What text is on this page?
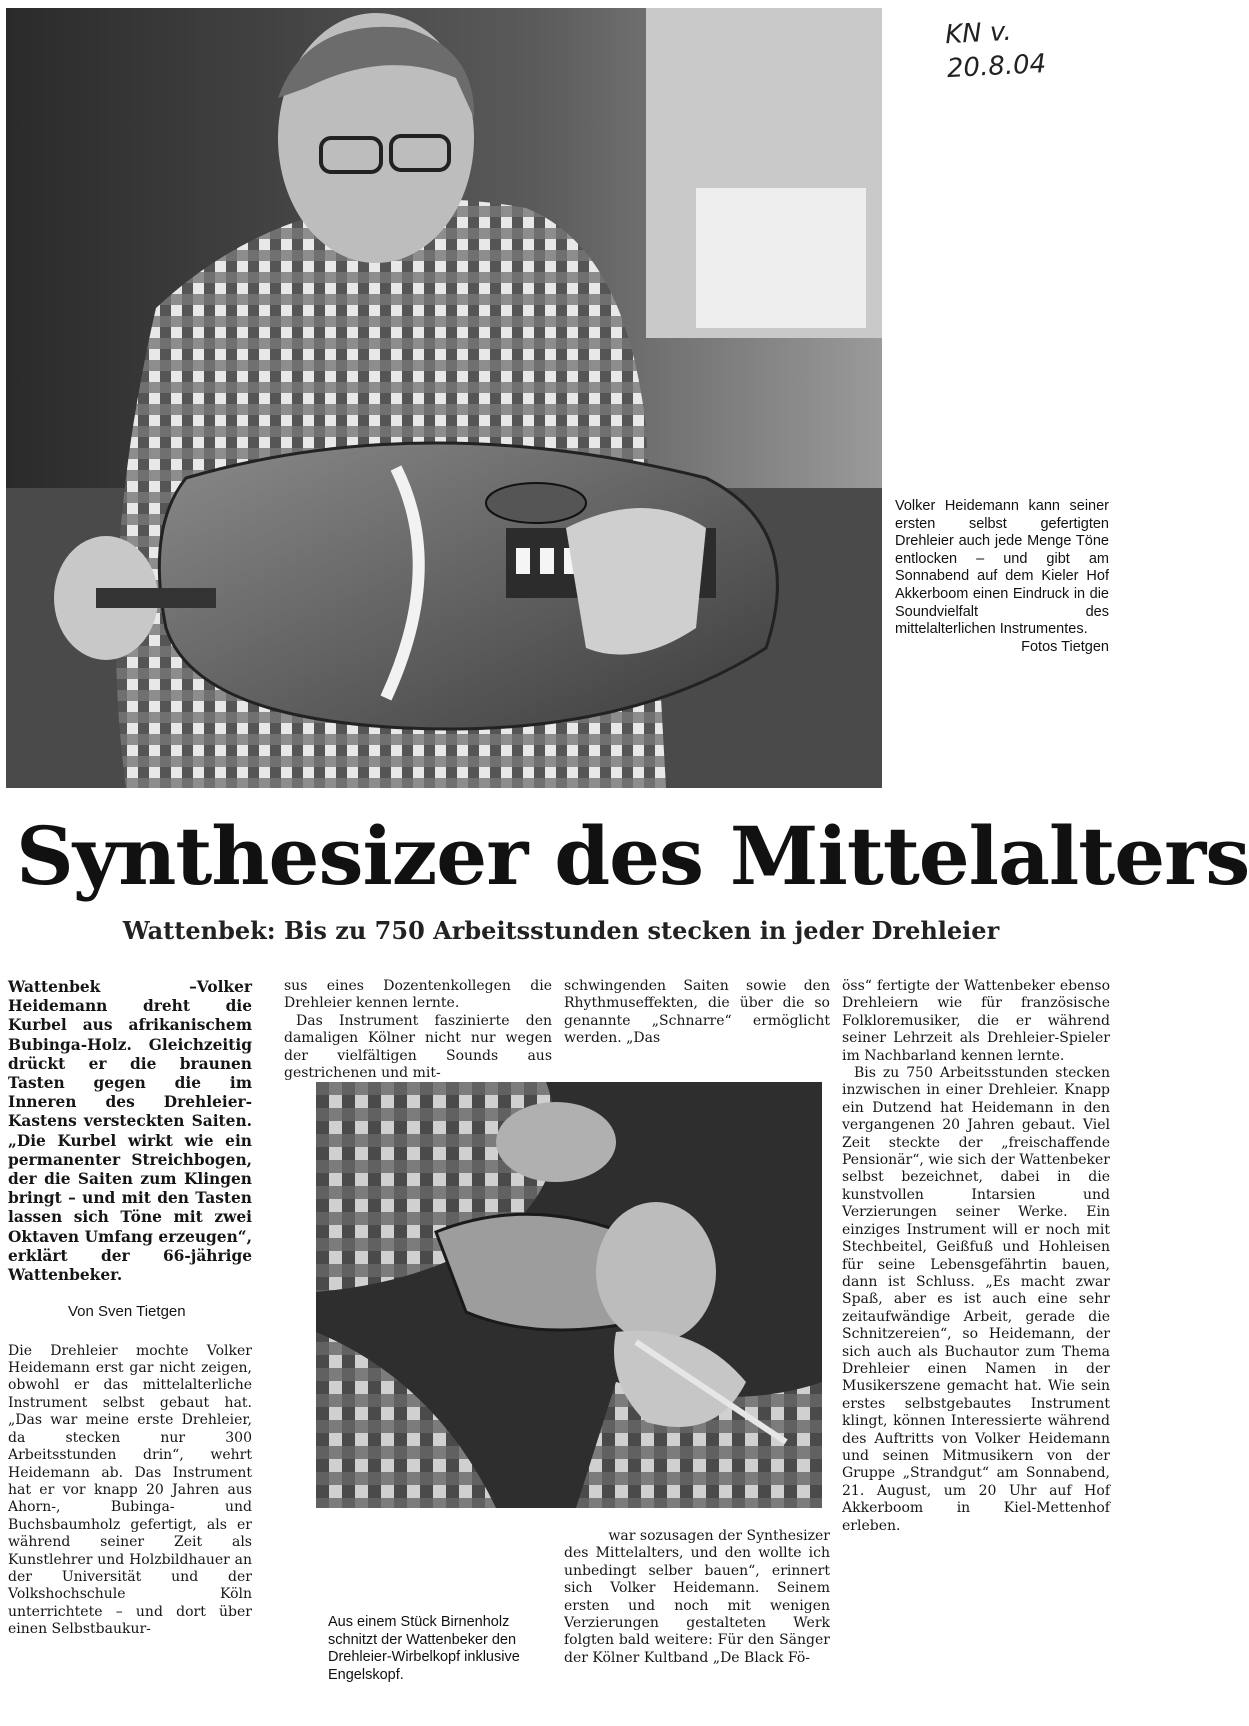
KN v.
20.8.04

Volker Heidemann kann seiner ersten selbst gefertigten Drehleier auch jede Menge Töne entlocken – und gibt am Sonnabend auf dem Kieler Hof Akkerboom einen Eindruck in die Soundvielfalt des mittelalterlichen Instrumentes.

Fotos Tietgen
Synthesizer des Mittelalters
Wattenbek: Bis zu 750 Arbeitsstunden stecken in jeder Drehleier

Wattenbek –Volker Heidemann dreht die Kurbel aus afrikanischem Bubinga-Holz. Gleichzeitig drückt er die braunen Tasten gegen die im Inneren des Drehleier-Kastens versteckten Saiten. „Die Kurbel wirkt wie ein permanenter Streichbogen, der die Saiten zum Klingen bringt – und mit den Tasten lassen sich Töne mit zwei Oktaven Umfang erzeugen“, erklärt der 66-jährige Wattenbeker.

Von Sven Tietgen

Die Drehleier mochte Volker Heidemann erst gar nicht zeigen, obwohl er das mittelalterliche Instrument selbst gebaut hat. „Das war meine erste Drehleier, da stecken nur 300 Arbeitsstunden drin“, wehrt Heidemann ab. Das Instrument hat er vor knapp 20 Jahren aus Ahorn-, Bubinga- und Buchsbaumholz gefertigt, als er während seiner Zeit als Kunstlehrer und Holzbildhauer an der Universität und der Volkshochschule Köln unterrichtete – und dort über einen Selbstbaukur-

sus eines Dozentenkollegen die Drehleier kennen lernte.

Das Instrument faszinierte den damaligen Kölner nicht nur wegen der vielfältigen Sounds aus gestrichenen und mit-

schwingenden Saiten sowie den Rhythmuseffekten, die über die so genannte „Schnarre“ ermöglicht werden. „Das

war sozusagen der Synthesizer

des Mittelalters, und den wollte ich unbedingt selber bauen“, erinnert sich Volker Heidemann. Seinem ersten und noch mit wenigen Verzierungen gestalteten Werk folgten bald weitere: Für den Sänger der Kölner Kultband „De Black Fö-

öss“ fertigte der Wattenbeker ebenso Drehleiern wie für französische Folkloremusiker, die er während seiner Lehrzeit als Drehleier-Spieler im Nachbarland kennen lernte.

Bis zu 750 Arbeitsstunden stecken inzwischen in einer Drehleier. Knapp ein Dutzend hat Heidemann in den vergangenen 20 Jahren gebaut. Viel Zeit steckte der „freischaffende Pensionär“, wie sich der Wattenbeker selbst bezeichnet, dabei in die kunstvollen Intarsien und Verzierungen seiner Werke. Ein einziges Instrument will er noch mit Stechbeitel, Geißfuß und Hohleisen für seine Lebensgefährtin bauen, dann ist Schluss. „Es macht zwar Spaß, aber es ist auch eine sehr zeitaufwändige Arbeit, gerade die Schnitzereien“, so Heidemann, der sich auch als Buchautor zum Thema Drehleier einen Namen in der Musikerszene gemacht hat. Wie sein erstes selbstgebautes Instrument klingt, können Interessierte während des Auftritts von Volker Heidemann und seinen Mitmusikern von der Gruppe „Strandgut“ am Sonnabend, 21. August, um 20 Uhr auf Hof Akkerboom in Kiel-Mettenhof erleben.

Aus einem Stück Birnenholz schnitzt der Wattenbeker den Drehleier-Wirbelkopf inklusive Engelskopf.
